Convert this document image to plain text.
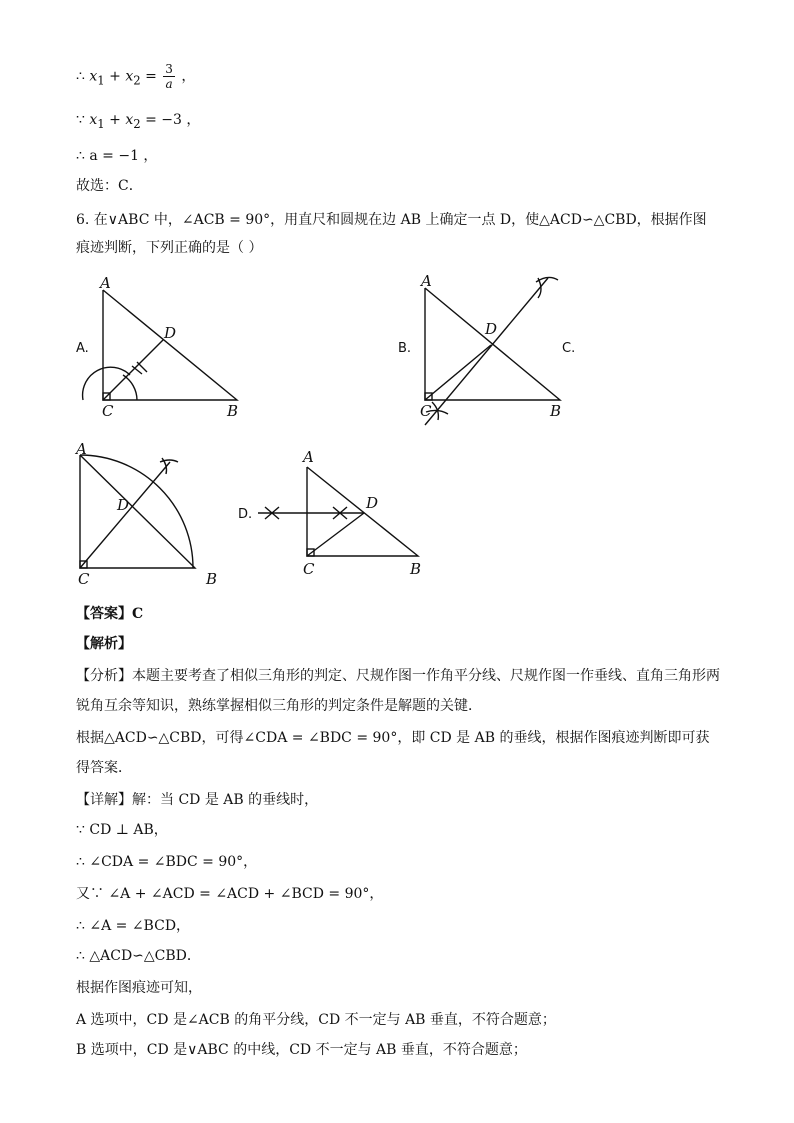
∴ $x_1 + x_2 = \frac{3}{a}$ ，
∵ $x_1 + x_2 = -3$ ，
∴ a = −1 ，
故选：C．
6. 在∨ABC 中，∠ACB = 90°，用直尺和圆规在边 AB 上确定一点 D，使△ACD∽△CBD，根据作图
痕迹判断，下列正确的是（ ）
A.	B.	C.
D.
A
D
C	B
A
D
C	B
A
D
C	B
A
D
C	B
【答案】C
【解析】
【分析】本题主要考查了相似三角形的判定、尺规作图一作角平分线、尺规作图一作垂线、直角三角形两
锐角互余等知识，熟练掌握相似三角形的判定条件是解题的关键．
根据△ACD∽△CBD，可得∠CDA = ∠BDC = 90°，即 CD 是 AB 的垂线，根据作图痕迹判断即可获
得答案．
【详解】解：当 CD 是 AB 的垂线时，
∵ CD ⊥ AB，
∴ ∠CDA = ∠BDC = 90°，
又∵ ∠A + ∠ACD = ∠ACD + ∠BCD = 90°，
∴ ∠A = ∠BCD，
∴ △ACD∽△CBD．
根据作图痕迹可知，
A 选项中，CD 是∠ACB 的角平分线，CD 不一定与 AB 垂直，不符合题意；
B 选项中，CD 是∨ABC 的中线，CD 不一定与 AB 垂直，不符合题意；
